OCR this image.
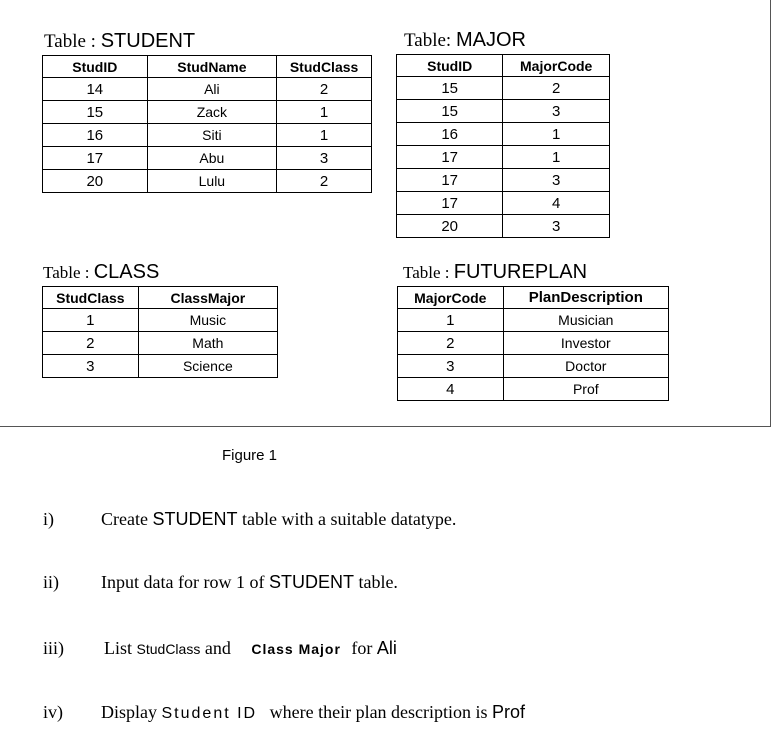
Table : STUDENT
StudID	StudName	StudClass
14	Ali	2
15	Zack	1
16	Siti	1
17	Abu	3
20	Lulu	2
Table: MAJOR
StudID	MajorCode
15	2
15	3
16	1
17	1
17	3
17	4
20	3
Table : CLASS
StudClass	ClassMajor
1	Music
2	Math
3	Science
Table : FUTUREPLAN
MajorCode	PlanDescription
1	Musician
2	Investor
3	Doctor
4	Prof
Figure 1
i)	Create STUDENT table with a suitable datatype.
ii) Input data for row 1 of STUDENT table.
iii) List StudClass and Class Major for Ali
iv) Display Student ID where their plan description is Prof
